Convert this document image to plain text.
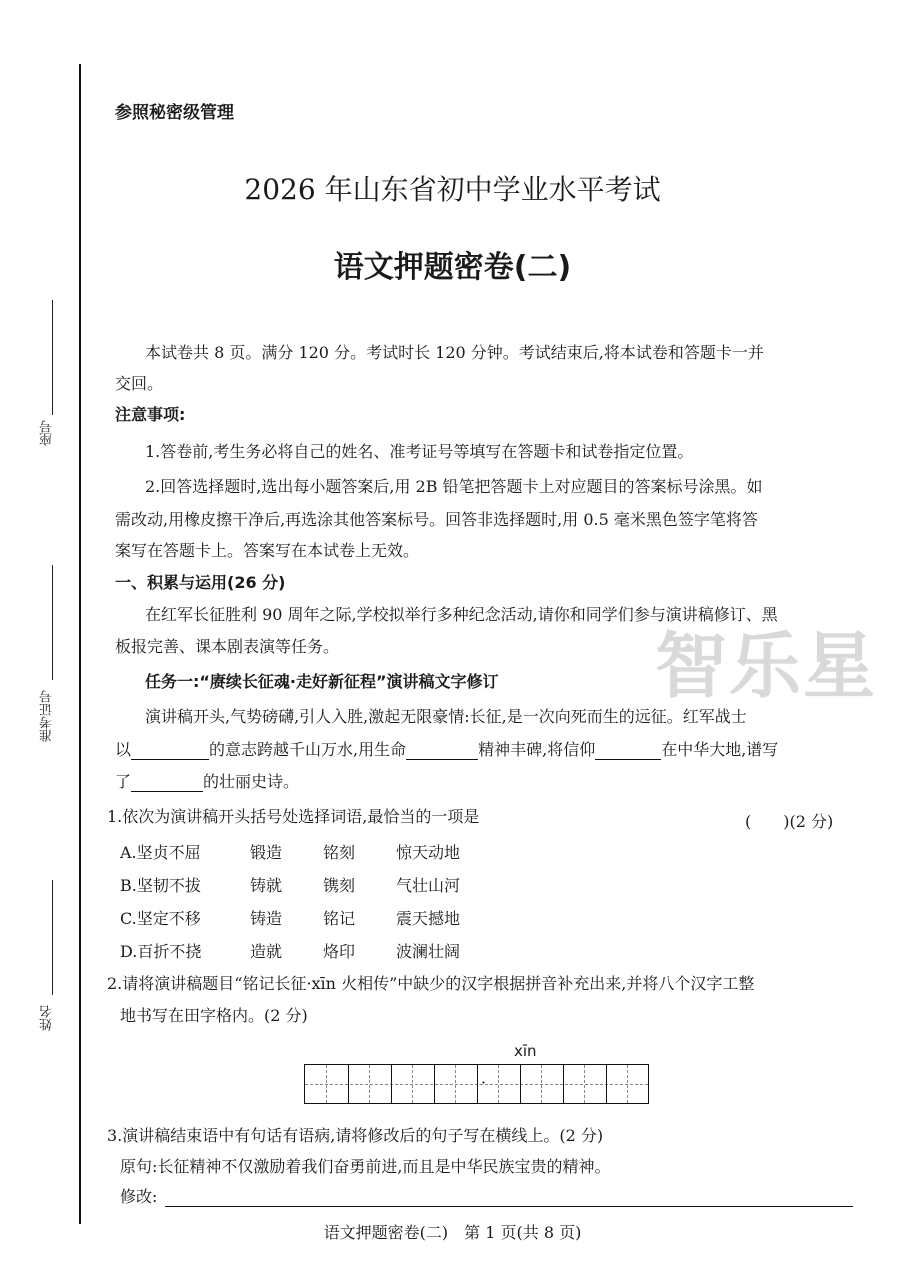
座号
准考证号
姓名
参照秘密级管理
2026 年山东省初中学业水平考试
语文押题密卷(二)
本试卷共 8 页。满分 120 分。考试时长 120 分钟。考试结束后,将本试卷和答题卡一并
交回。
注意事项:
1.答卷前,考生务必将自己的姓名、准考证号等填写在答题卡和试卷指定位置。
2.回答选择题时,选出每小题答案后,用 2B 铅笔把答题卡上对应题目的答案标号涂黑。如
需改动,用橡皮擦干净后,再选涂其他答案标号。回答非选择题时,用 0.5 毫米黑色签字笔将答
案写在答题卡上。答案写在本试卷上无效。
智乐星
一、积累与运用(26 分)
在红军长征胜利 90 周年之际,学校拟举行多种纪念活动,请你和同学们参与演讲稿修订、黑
板报完善、课本剧表演等任务。
任务一:“赓续长征魂·走好新征程”演讲稿文字修订
演讲稿开头,气势磅礴,引人入胜,激起无限豪情:长征,是一次向死而生的远征。红军战士
以	的意志跨越千山万水,用生命	精神丰碑,将信仰	在中华大地,谱写
了	的壮丽史诗。
1.依次为演讲稿开头括号处选择词语,最恰当的一项是	(　　)(2 分)
A.坚贞不屈	锻造	铭刻	惊天动地
B.坚韧不拔	铸就	镌刻	气壮山河
C.坚定不移	铸造	铭记	震天撼地
D.百折不挠	造就	烙印	波澜壮阔
2.请将演讲稿题目“铭记长征·xīn 火相传”中缺少的汉字根据拼音补充出来,并将八个汉字工整
地书写在田字格内。(2 分)
xīn
·
3.演讲稿结束语中有句话有语病,请将修改后的句子写在横线上。(2 分)
原句:长征精神不仅激励着我们奋勇前进,而且是中华民族宝贵的精神。
修改:
语文押题密卷(二)　第 1 页(共 8 页)
